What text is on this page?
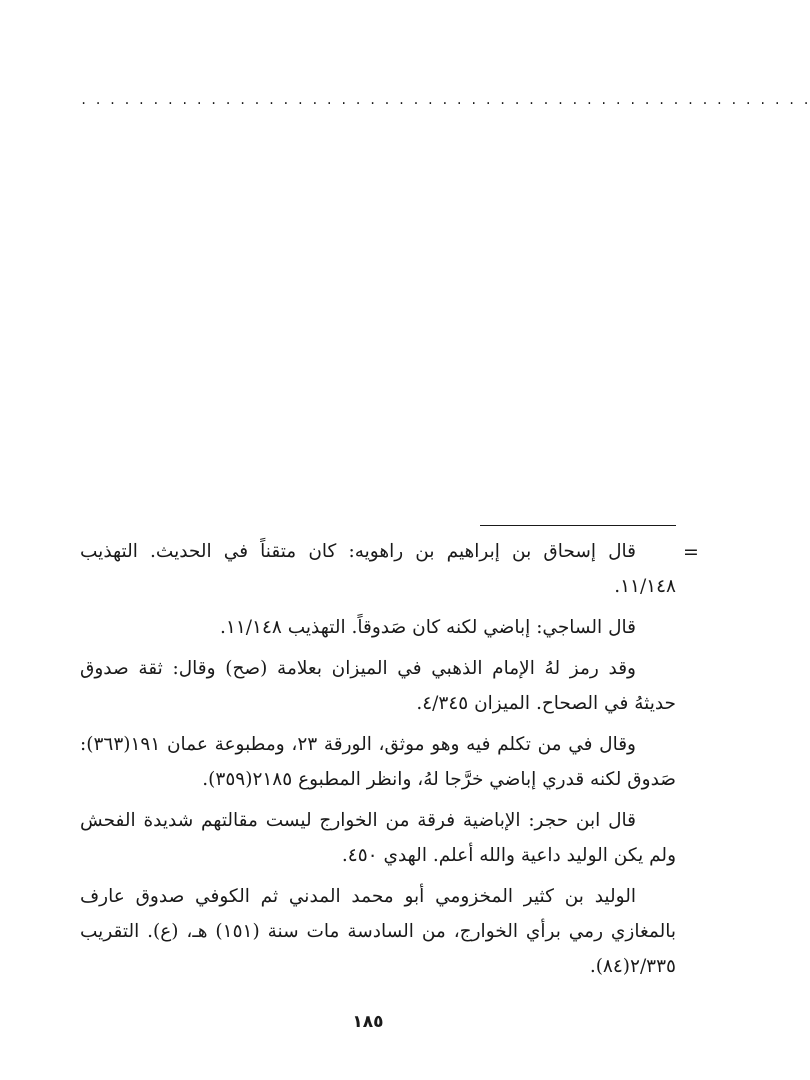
. . . . . . . . . . . . . . . . . . . . . . . . . . . . . . . . . . . . . . . . . . . . . . . . . . .
=

قال إسحاق بن إبراهيم بن راهويه: كان متقناً في الحديث. التهذيب ١١/١٤٨.

قال الساجي: إباضي لكنه كان صَدوقاً. التهذيب ١١/١٤٨.

وقد رمز لهُ الإمام الذهبي في الميزان بعلامة (صح) وقال: ثقة صدوق حديثهُ في الصحاح. الميزان ٤/٣٤٥.

وقال في من تكلم فيه وهو موثق، الورقة ٢٣، ومطبوعة عمان ١٩١(٣٦٣): صَدوق لكنه قدري إباضي خرَّجا لهُ، وانظر المطبوع ٢١٨٥(٣٥٩).

قال ابن حجر: الإباضية فرقة من الخوارج ليست مقالتهم شديدة الفحش ولم يكن الوليد داعية والله أعلم. الهدي ٤٥٠.

الوليد بن كثير المخزومي أبو محمد المدني ثم الكوفي صدوق عارف بالمغازي رمي برأي الخوارج، من السادسة مات سنة (١٥١) هـ، (ع). التقريب ٢/٣٣٥(٨٤).

١٨٥
